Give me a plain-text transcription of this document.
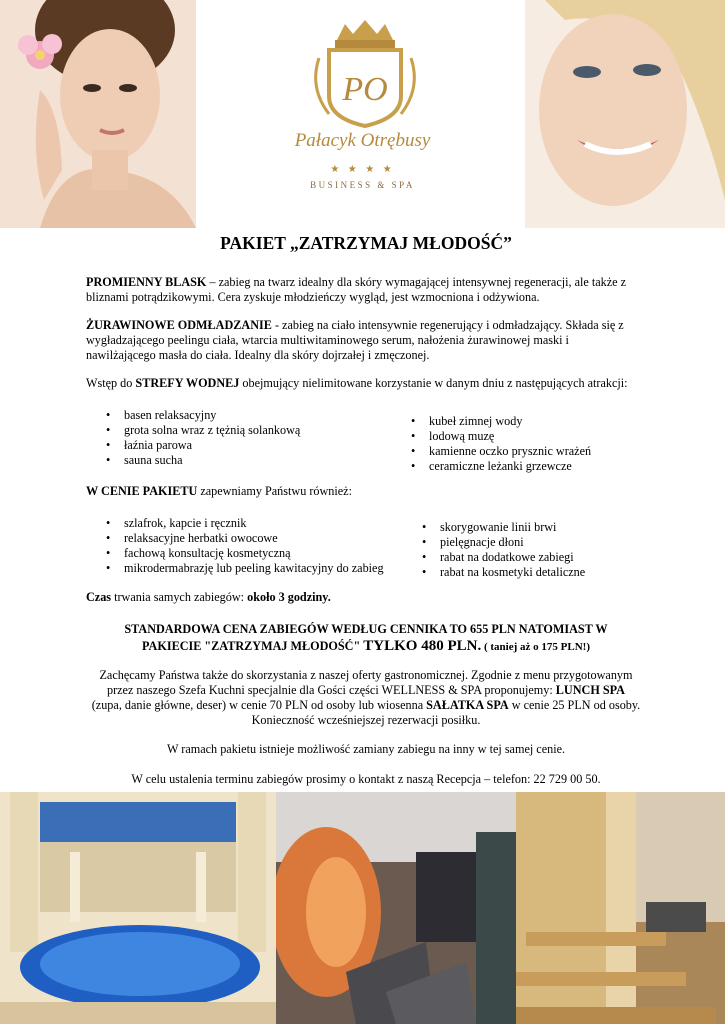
PO
Pałacyk Otrębusy
★ ★ ★ ★
BUSINESS & SPA
PAKIET „ZATRZYMAJ MŁODOŚĆ”

PROMIENNY BLASK – zabieg na twarz idealny dla skóry wymagającej intensywnej regeneracji, ale także z
bliznami potrądzikowymi. Cera zyskuje młodzieńczy wygląd, jest wzmocniona i odżywiona.

ŻURAWINOWE ODMŁADZANIE - zabieg na ciało intensywnie regenerujący i odmładzający. Składa się z
wygładzającego peelingu ciała, wtarcia multiwitaminowego serum, nałożenia żurawinowej maski i
nawilżającego masła do ciała. Idealny dla skóry dojrzałej i zmęczonej.

Wstęp do STREFY WODNEJ obejmujący nielimitowane korzystanie w danym dniu z następujących atrakcji:

• basen relaksacyjny
• grota solna wraz z tężnią solankową
• łaźnia parowa
• sauna sucha
• kubeł zimnej wody
• lodową muzę
• kamienne oczko prysznic wrażeń
• ceramiczne leżanki grzewcze

W CENIE PAKIETU zapewniamy Państwu również:

• szlafrok, kapcie i ręcznik
• relaksacyjne herbatki owocowe
• fachową konsultację kosmetyczną
• mikrodermabrazję lub peeling kawitacyjny do zabieg
• skorygowanie linii brwi
• pielęgnacje dłoni
• rabat na dodatkowe zabiegi
• rabat na kosmetyki detaliczne

Czas trwania samych zabiegów: około 3 godziny.

STANDARDOWA CENA ZABIEGÓW WEDŁUG CENNIKA TO 655 PLN NATOMIAST W
PAKIECIE "ZATRZYMAJ MŁODOŚĆ" TYLKO 480 PLN. ( taniej aż o 175 PLN!)

Zachęcamy Państwa także do skorzystania z naszej oferty gastronomicznej. Zgodnie z menu przygotowanym
przez naszego Szefa Kuchni specjalnie dla Gości części WELLNESS & SPA proponujemy: LUNCH SPA
(zupa, danie główne, deser) w cenie 70 PLN od osoby lub wiosenna SAŁATKA SPA w cenie 25 PLN od osoby.
Konieczność wcześniejszej rezerwacji posiłku.

W ramach pakietu istnieje możliwość zamiany zabiegu na inny w tej samej cenie.

W celu ustalenia terminu zabiegów prosimy o kontakt z naszą Recepcja – telefon: 22 729 00 50.
